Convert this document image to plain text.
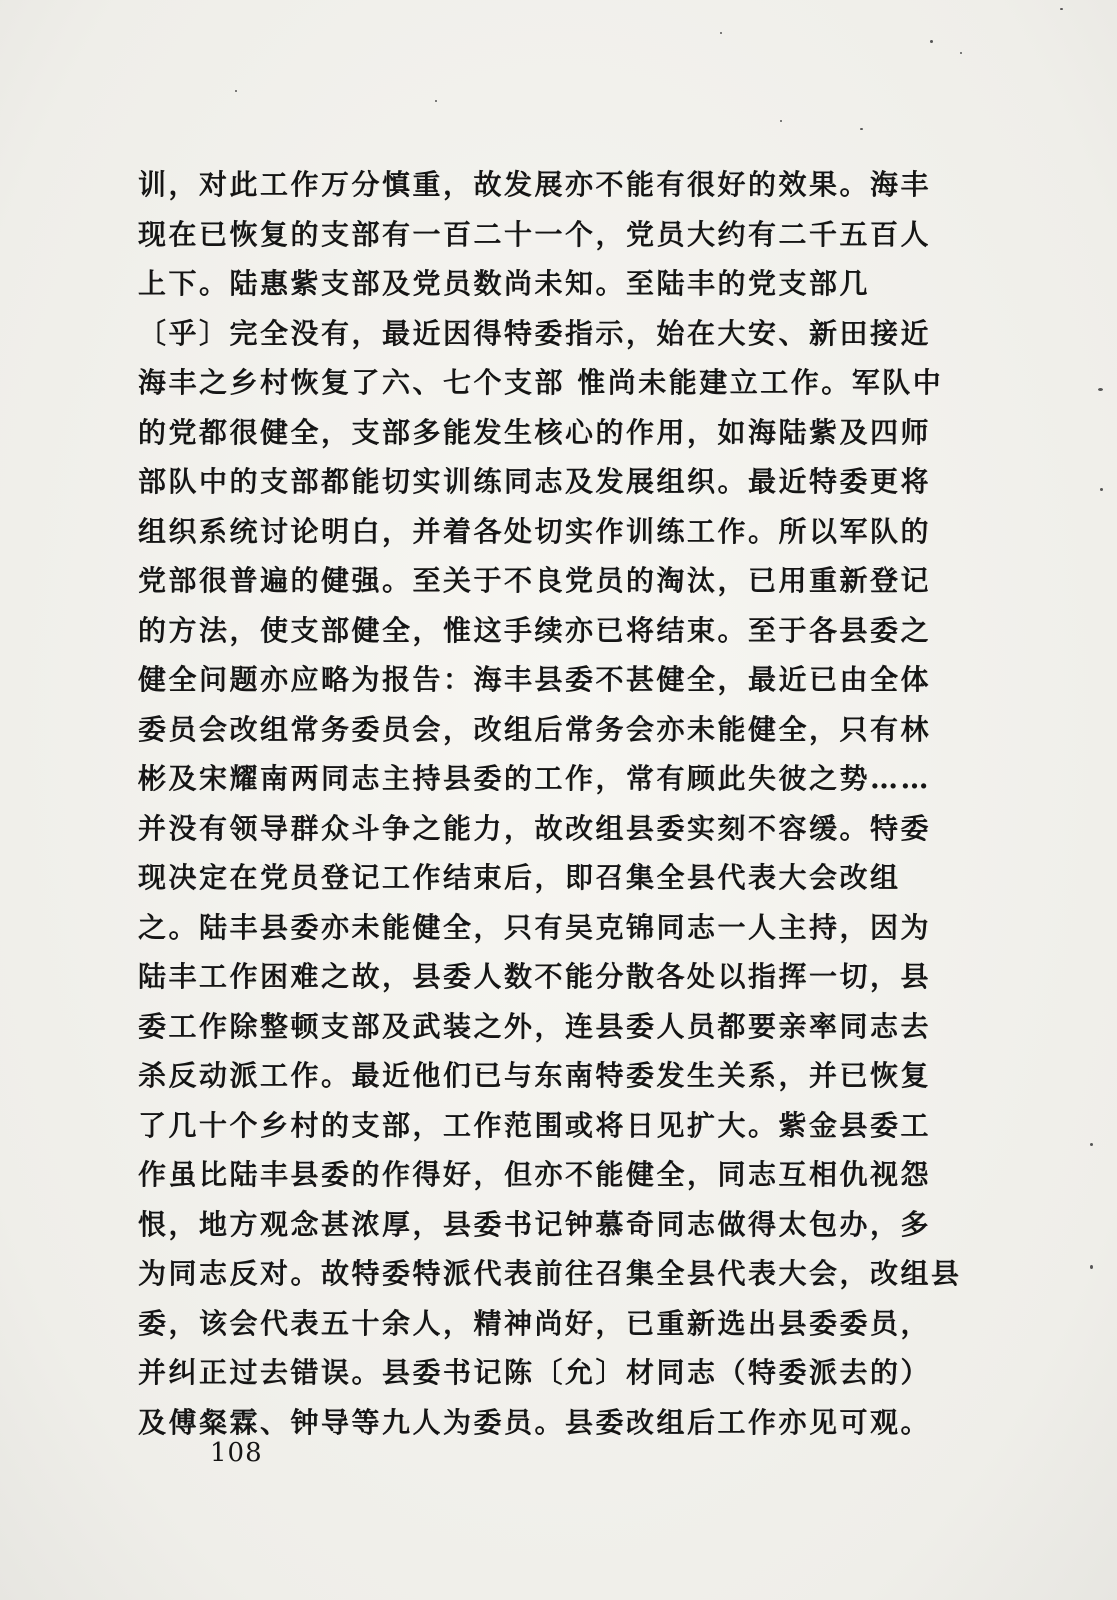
训，对此工作万分慎重，故发展亦不能有很好的效果。海丰
现在已恢复的支部有一百二十一个，党员大约有二千五百人
上下。陆惠紫支部及党员数尚未知。至陆丰的党支部几
〔乎〕完全没有，最近因得特委指示，始在大安、新田接近
海丰之乡村恢复了六、七个支部 惟尚未能建立工作。军队中
的党都很健全，支部多能发生核心的作用，如海陆紫及四师
部队中的支部都能切实训练同志及发展组织。最近特委更将
组织系统讨论明白，并着各处切实作训练工作。所以军队的
党部很普遍的健强。至关于不良党员的淘汰，已用重新登记
的方法，使支部健全，惟这手续亦已将结束。至于各县委之
健全问题亦应略为报告：海丰县委不甚健全，最近已由全体
委员会改组常务委员会，改组后常务会亦未能健全，只有林
彬及宋耀南两同志主持县委的工作，常有顾此失彼之势……
并没有领导群众斗争之能力，故改组县委实刻不容缓。特委
现决定在党员登记工作结束后，即召集全县代表大会改组
之。陆丰县委亦未能健全，只有吴克锦同志一人主持，因为
陆丰工作困难之故，县委人数不能分散各处以指挥一切，县
委工作除整顿支部及武装之外，连县委人员都要亲率同志去
杀反动派工作。最近他们已与东南特委发生关系，并已恢复
了几十个乡村的支部，工作范围或将日见扩大。紫金县委工
作虽比陆丰县委的作得好，但亦不能健全，同志互相仇视怨
恨，地方观念甚浓厚，县委书记钟慕奇同志做得太包办，多
为同志反对。故特委特派代表前往召集全县代表大会，改组县
委，该会代表五十余人，精神尚好，已重新选出县委委员，
并纠正过去错误。县委书记陈〔允〕材同志（特委派去的）
及傅粲霖、钟导等九人为委员。县委改组后工作亦见可观。
108
